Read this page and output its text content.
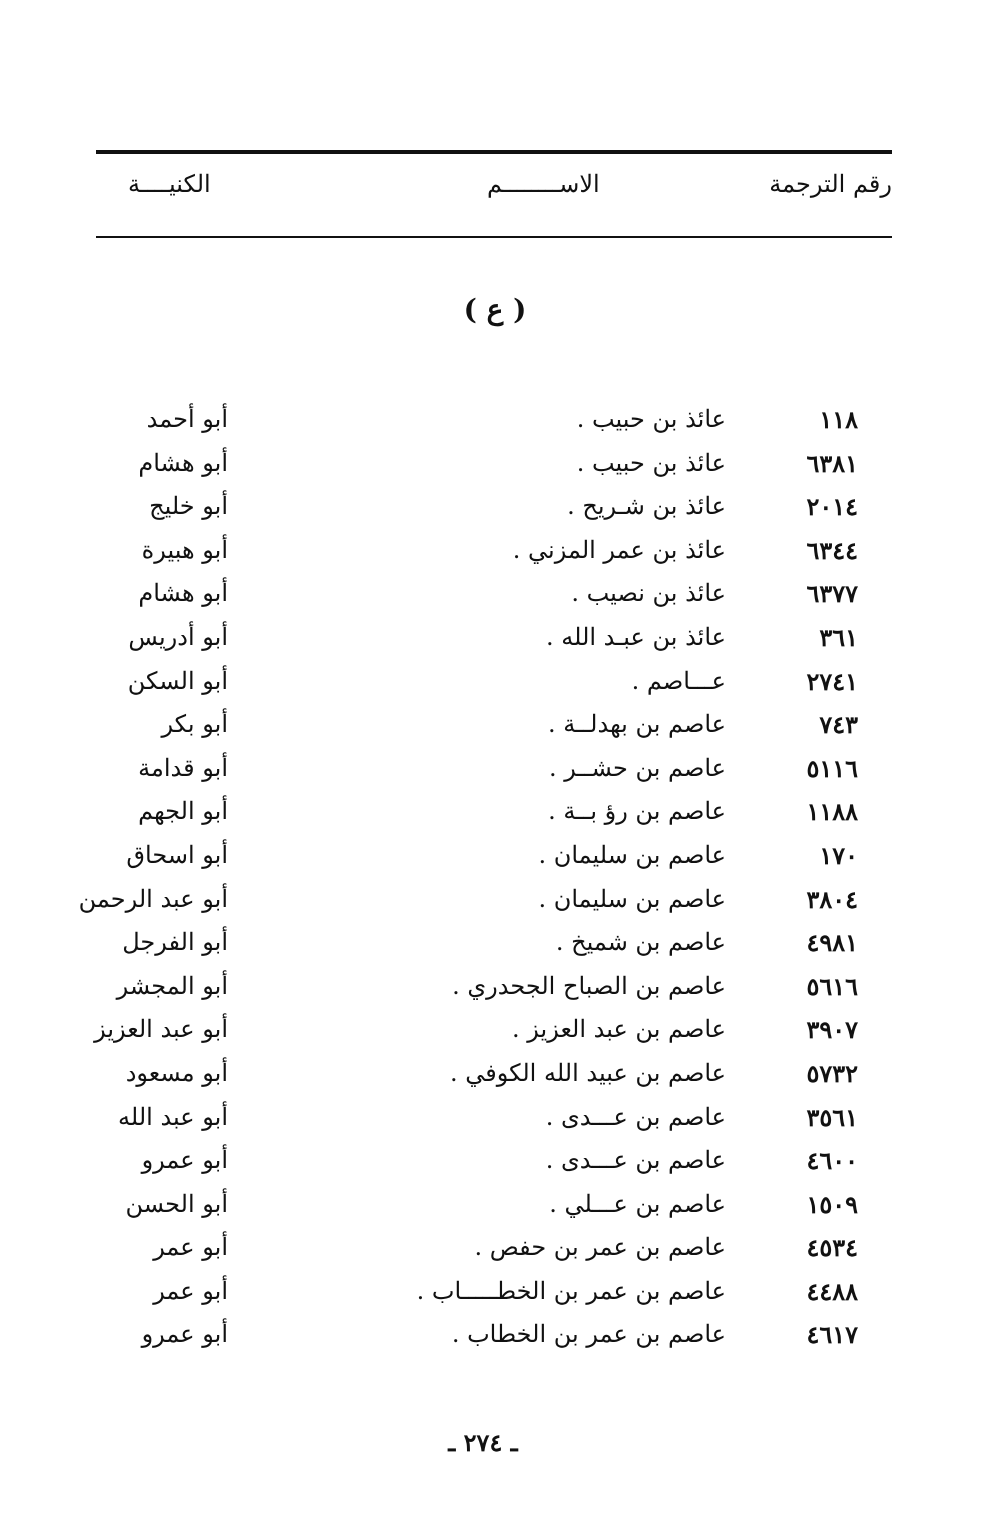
رقم الترجمة
الاســــــــم
الكنيــــة
( ع )
١١٨
عائذ بن حبيب .
أبو أحمد
٦٣٨١
عائذ بن حبيب .
أبو هشام
٢٠١٤
عائذ بن شـريح .
أبو خليج
٦٣٤٤
عائذ بن عمر المزني .
أبو هبيرة
٦٣٧٧
عائذ بن نصيب .
أبو هشام
٣٦١
عائذ بن عبـد الله .
أبو أدريس
٢٧٤١
عـــاصم .
أبو السكن
٧٤٣
عاصم بن بهدلــة .
أبو بكر
٥١١٦
عاصم بن حشــر .
أبو قدامة
١١٨٨
عاصم بن رؤ بــة .
أبو الجهم
١٧٠
عاصم بن سليمان .
أبو اسحاق
٣٨٠٤
عاصم بن سليمان .
أبو عبد الرحمن
٤٩٨١
عاصم بن شميخ .
أبو الفرجل
٥٦١٦
عاصم بن الصباح الجحدري .
أبو المجشر
٣٩٠٧
عاصم بن عبد العزيز .
أبو عبد العزيز
٥٧٣٢
عاصم بن عبيد الله الكوفي .
أبو مسعود
٣٥٦١
عاصم بن عـــدى .
أبو عبد الله
٤٦٠٠
عاصم بن عـــدى .
أبو عمرو
١٥٠٩
عاصم بن عـــلي .
أبو الحسن
٤٥٣٤
عاصم بن عمر بن حفص .
أبو عمر
٤٤٨٨
عاصم بن عمر بن الخطـــــاب .
أبو عمر
٤٦١٧
عاصم بن عمر بن الخطاب .
أبو عمرو
ـ ٢٧٤ ـ
